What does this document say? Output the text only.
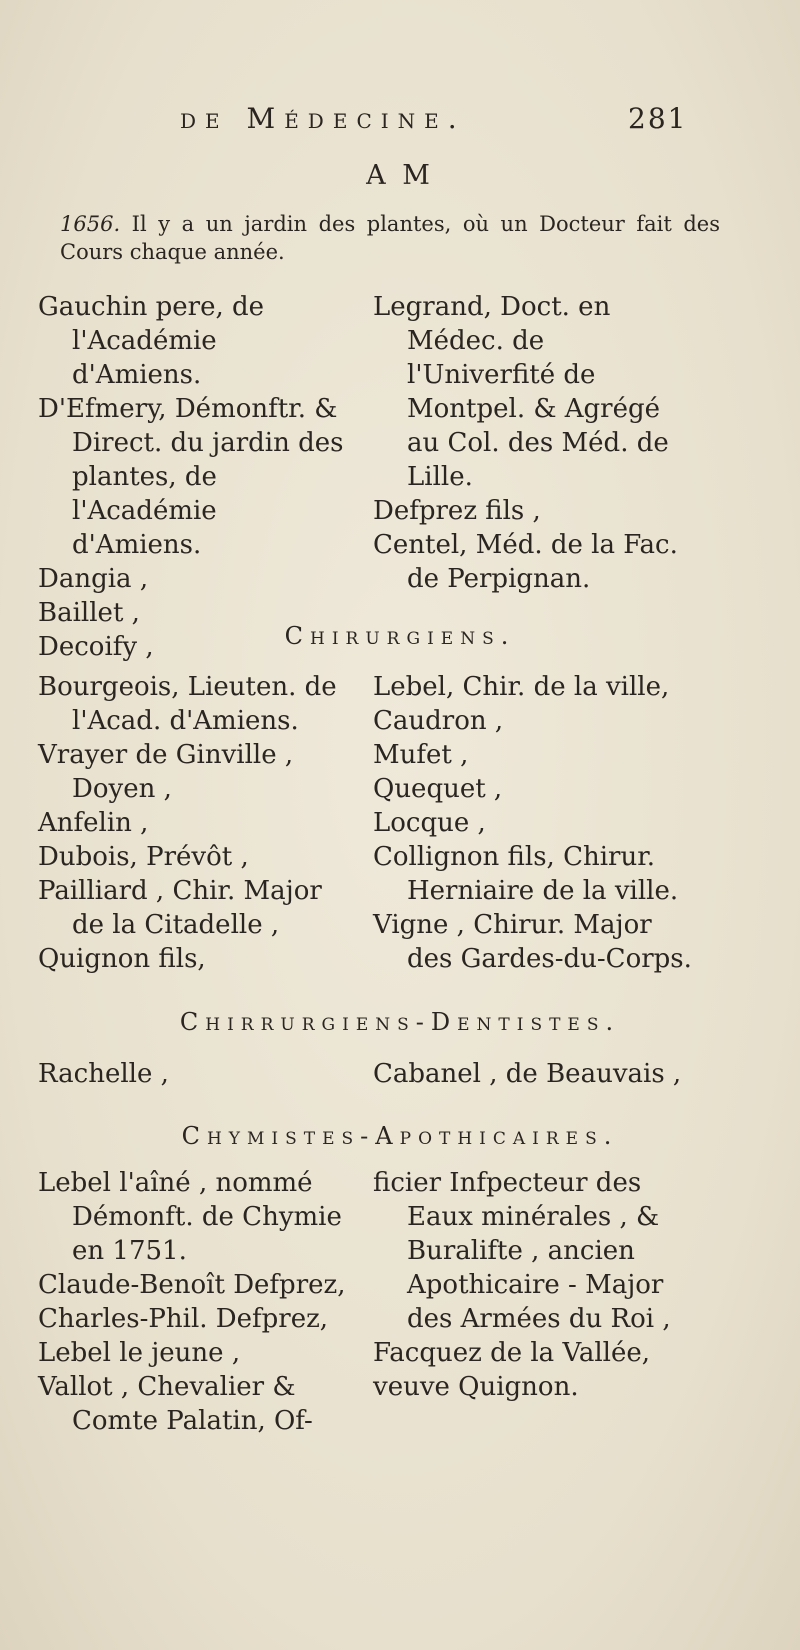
de Médecine.	281
A M
1656. Il y a un jardin des plantes, où un Docteur fait des Cours chaque année.
Gauchin pere, de l'Académie d'Amiens.
D'Efmery, Démonftr. & Direct. du jardin des plantes, de l'Académie d'Amiens.
Dangia ,
Baillet ,
Decoify ,
Legrand, Doct. en Médec. de l'Univerfité de Montpel. & Agrégé au Col. des Méd. de Lille.
Defprez fils ,
Centel, Méd. de la Fac. de Perpignan.
Chirurgiens.
Bourgeois, Lieuten. de l'Acad. d'Amiens.
Vrayer de Ginville , Doyen ,
Anfelin ,
Dubois, Prévôt ,
Pailliard , Chir. Major de la Citadelle ,
Quignon fils,
Lebel, Chir. de la ville,
Caudron ,
Mufet ,
Quequet ,
Locque ,
Collignon fils, Chirur. Herniaire de la ville.
Vigne , Chirur. Major des Gardes-du-Corps.
Chirrurgiens-Dentistes.
Rachelle ,	Cabanel , de Beauvais ,
Chymistes-Apothicaires.
Lebel l'aîné , nommé Démonft. de Chymie en 1751.
Claude-Benoît Defprez,
Charles-Phil. Defprez,
Lebel le jeune ,
Vallot , Chevalier & Comte Palatin, Of-
ficier Infpecteur des Eaux minérales , & Buralifte , ancien Apothicaire - Major des Armées du Roi ,
Facquez de la Vallée,
veuve Quignon.
